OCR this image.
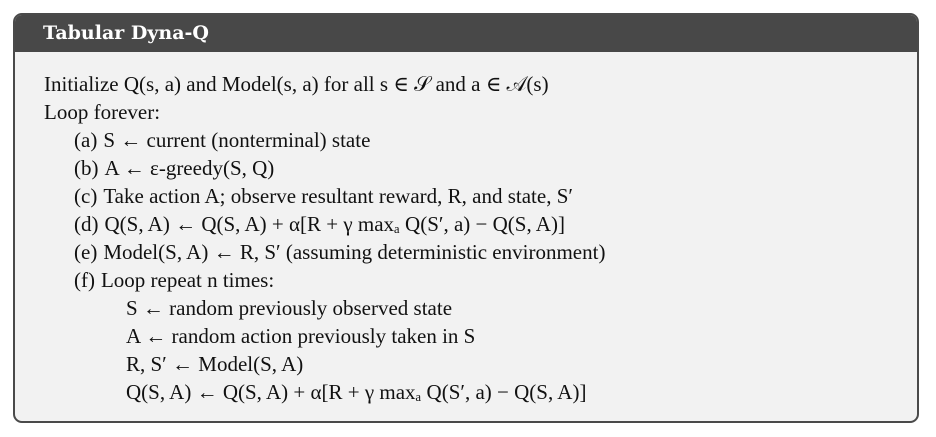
Tabular Dyna-Q
Initialize Q(s, a) and Model(s, a) for all s ∈ 𝒮 and a ∈ 𝒜(s)
Loop forever:
(a) S ← current (nonterminal) state
(b) A ← ε-greedy(S, Q)
(c) Take action A; observe resultant reward, R, and state, S′
(d) Q(S, A) ← Q(S, A) + α[R + γ maxₐ Q(S′, a) − Q(S, A)]
(e) Model(S, A) ← R, S′ (assuming deterministic environment)
(f) Loop repeat n times:
S ← random previously observed state
A ← random action previously taken in S
R, S′ ← Model(S, A)
Q(S, A) ← Q(S, A) + α[R + γ maxₐ Q(S′, a) − Q(S, A)]
